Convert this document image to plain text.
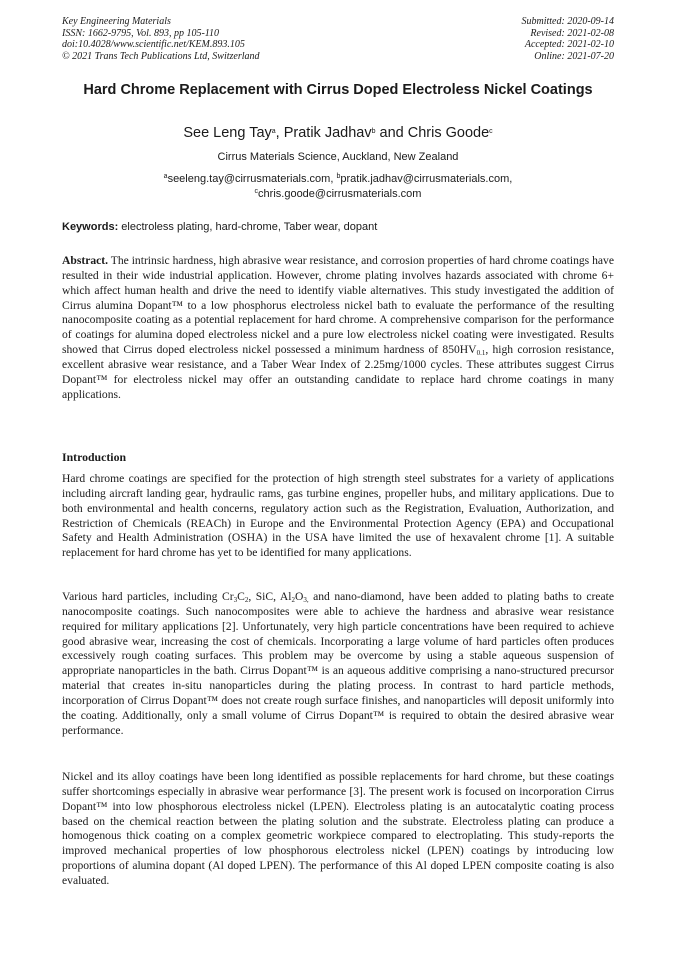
Key Engineering Materials
ISSN: 1662-9795, Vol. 893, pp 105-110
doi:10.4028/www.scientific.net/KEM.893.105
© 2021 Trans Tech Publications Ltd, Switzerland
Submitted: 2020-09-14
Revised: 2021-02-08
Accepted: 2021-02-10
Online: 2021-07-20
Hard Chrome Replacement with Cirrus Doped Electroless Nickel Coatings
See Leng Tay$^a$, Pratik Jadhav$^b$ and Chris Goode$^c$
Cirrus Materials Science, Auckland, New Zealand
$^a$seeleng.tay@cirrusmaterials.com, $^b$pratik.jadhav@cirrusmaterials.com,
$^c$chris.goode@cirrusmaterials.com
Keywords: electroless plating, hard-chrome, Taber wear, dopant
Abstract. The intrinsic hardness, high abrasive wear resistance, and corrosion properties of hard chrome coatings have resulted in their wide industrial application. However, chrome plating involves hazards associated with chrome 6+ which affect human health and drive the need to identify viable alternatives. This study investigated the addition of Cirrus alumina Dopant™ to a low phosphorus electroless nickel bath to evaluate the performance of the resulting nanocomposite coating as a potential replacement for hard chrome. A comprehensive comparison for the performance of coatings for alumina doped electroless nickel and a pure low electroless nickel coating were investigated. Results showed that Cirrus doped electroless nickel possessed a minimum hardness of $850HV_{0.1}$, high corrosion resistance, excellent abrasive wear resistance, and a Taber Wear Index of 2.25mg/1000 cycles. These attributes suggest Cirrus Dopant™ for electroless nickel may offer an outstanding candidate to replace hard chrome coatings in many applications.
Introduction
Hard chrome coatings are specified for the protection of high strength steel substrates for a variety of applications including aircraft landing gear, hydraulic rams, gas turbine engines, propeller hubs, and military applications. Due to both environmental and health concerns, regulatory action such as the Registration, Evaluation, Authorization, and Restriction of Chemicals (REACh) in Europe and the Environmental Protection Agency (EPA) and Occupational Safety and Health Administration (OSHA) in the USA have limited the use of hexavalent chrome [1]. A suitable replacement for hard chrome has yet to be identified for many applications.
Various hard particles, including $Cr_3C_2$, SiC, $Al_2O_{3,}$ and nano-diamond, have been added to plating baths to create nanocomposite coatings. Such nanocomposites were able to achieve the hardness and abrasive wear resistance required for military applications [2]. Unfortunately, very high particle concentrations have been required to achieve good abrasive wear, increasing the cost of chemicals. Incorporating a large volume of hard particles often produces excessively rough coating surfaces. This problem may be overcome by using a stable aqueous suspension of appropriate nanoparticles in the bath. Cirrus Dopant™ is an aqueous additive comprising a nano-structured precursor material that creates in-situ nanoparticles during the plating process. In contrast to hard particle methods, incorporation of Cirrus Dopant™ does not create rough surface finishes, and nanoparticles will deposit uniformly into the coating. Additionally, only a small volume of Cirrus Dopant™ is required to obtain the desired abrasive wear performance.
Nickel and its alloy coatings have been long identified as possible replacements for hard chrome, but these coatings suffer shortcomings especially in abrasive wear performance [3]. The present work is focused on incorporation Cirrus Dopant™ into low phosphorous electroless nickel (LPEN). Electroless plating is an autocatalytic coating process based on the chemical reaction between the plating solution and the substrate. Electroless plating can produce a homogenous thick coating on a complex geometric workpiece compared to electroplating. This study-reports the improved mechanical properties of low phosphorous electroless nickel (LPEN) coatings by introducing low proportions of alumina dopant (Al doped LPEN). The performance of this Al doped LPEN composite coating is also evaluated.
